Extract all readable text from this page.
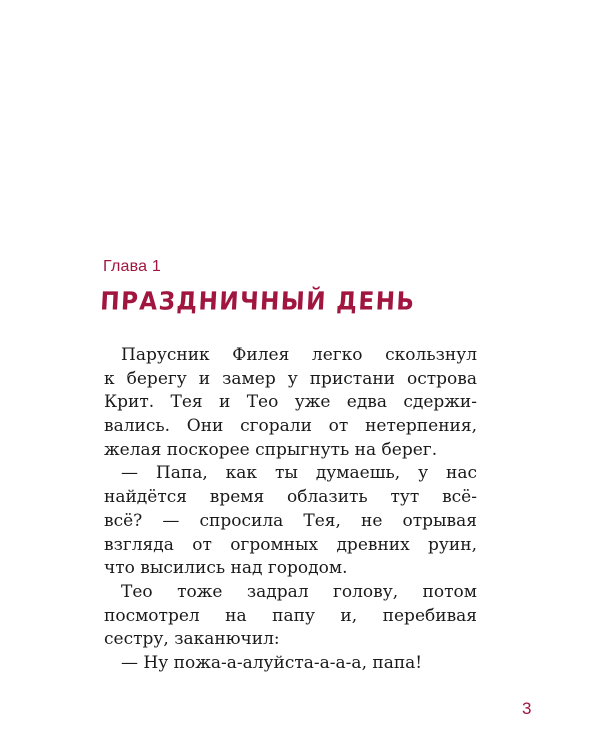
Глава 1
ПРАЗДНИЧНЫЙ ДЕНЬ
Парусник Филея легко скользнул
к берегу и замер у пристани острова
Крит. Тея и Тео уже едва сдержи-
вались. Они сгорали от нетерпения,
желая поскорее спрыгнуть на берег.
— Папа, как ты думаешь, у нас
найдётся время облазить тут всё-
всё? — спросила Тея, не отрывая
взгляда от огромных древних руин,
что высились над городом.
Тео тоже задрал голову, потом
посмотрел на папу и, перебивая
сестру, заканючил:
— Ну пожа-а-алуйста-а-а-а, папа!
3
